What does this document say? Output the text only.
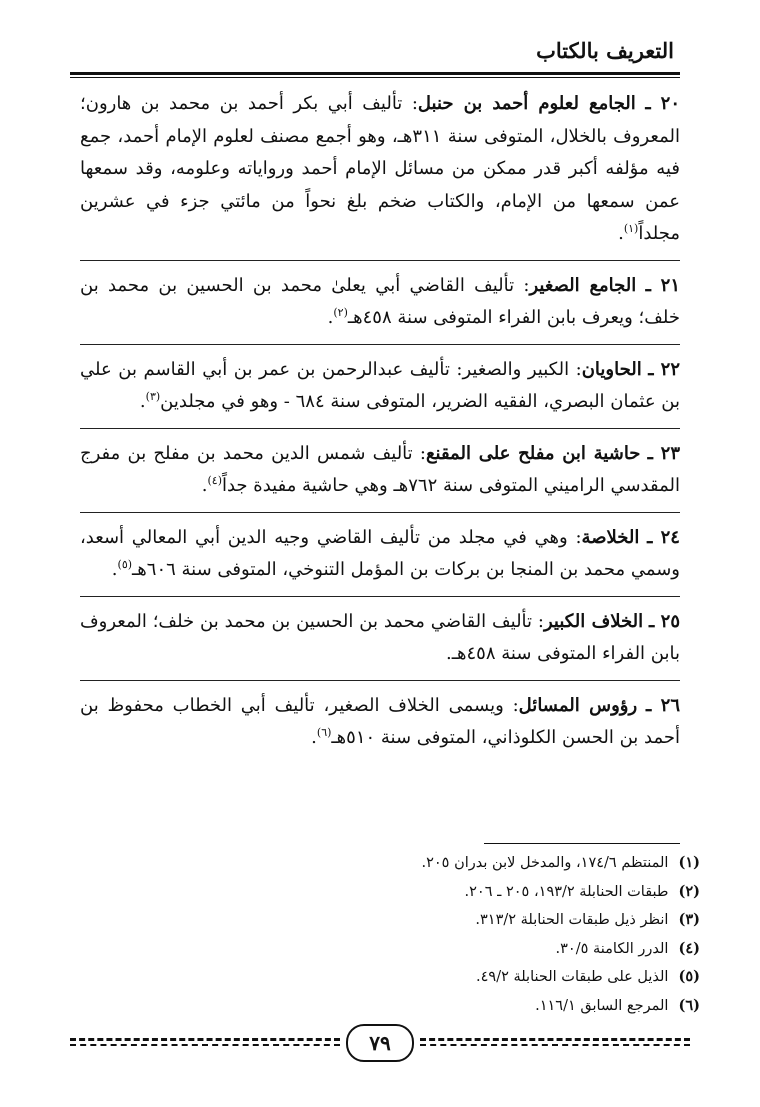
التعريف بالكتاب

٢٠ ـ الجامع لعلوم أحمد بن حنبل: تأليف أبي بكر أحمد بن محمد بن هارون؛ المعروف بالخلال، المتوفى سنة ٣١١هـ، وهو أجمع مصنف لعلوم الإمام أحمد، جمع فيه مؤلفه أكبر قدر ممكن من مسائل الإمام أحمد ورواياته وعلومه، وقد سمعها عمن سمعها من الإمام، والكتاب ضخم بلغ نحواً من مائتي جزء في عشرين مجلداً$^{(١)}$.

٢١ ـ الجامع الصغير: تأليف القاضي أبي يعلىٰ محمد بن الحسين بن محمد بن خلف؛ ويعرف بابن الفراء المتوفى سنة ٤٥٨هـ$^{(٢)}$.

٢٢ ـ الحاويان: الكبير والصغير: تأليف عبدالرحمن بن عمر بن أبي القاسم بن علي بن عثمان البصري، الفقيه الضرير، المتوفى سنة ٦٨٤ - وهو في مجلدين$^{(٣)}$.

٢٣ ـ حاشية ابن مفلح على المقنع: تأليف شمس الدين محمد بن مفلح بن مفرج المقدسي الراميني المتوفى سنة ٧٦٢هـ وهي حاشية مفيدة جداً$^{(٤)}$.

٢٤ ـ الخلاصة: وهي في مجلد من تأليف القاضي وجيه الدين أبي المعالي أسعد، وسمي محمد بن المنجا بن بركات بن المؤمل التنوخي، المتوفى سنة ٦٠٦هـ$^{(٥)}$.

٢٥ ـ الخلاف الكبير: تأليف القاضي محمد بن الحسين بن محمد بن خلف؛ المعروف بابن الفراء المتوفى سنة ٤٥٨هـ.

٢٦ ـ رؤوس المسائل: ويسمى الخلاف الصغير، تأليف أبي الخطاب محفوظ بن أحمد بن الحسن الكلوذاني، المتوفى سنة ٥١٠هـ$^{(٦)}$.

(١)المنتظم ١٧٤/٦، والمدخل لابن بدران ٢٠٥.

(٢)طبقات الحنابلة ١٩٣/٢، ٢٠٥ ـ ٢٠٦.

(٣)انظر ذيل طبقات الحنابلة ٣١٣/٢.

(٤)الدرر الكامنة ٣٠/٥.

(٥)الذيل على طبقات الحنابلة ٤٩/٢.

(٦)المرجع السابق ١١٦/١.

٧٩
